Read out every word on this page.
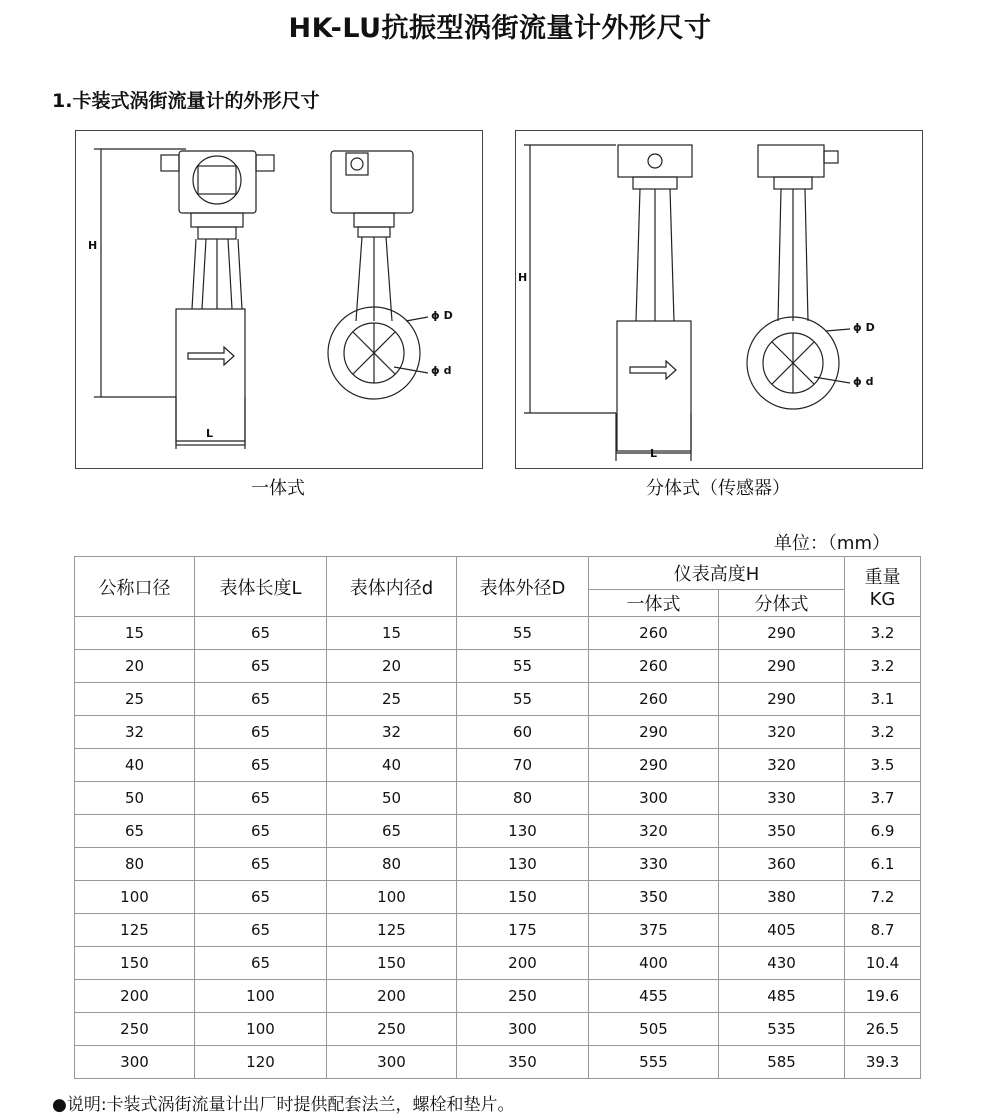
HK-LU抗振型涡街流量计外形尺寸
1.卡装式涡街流量计的外形尺寸
H
L
ϕ D
ϕ d
一体式
H
L
ϕ D
ϕ d
分体式（传感器）
单位：（mm）
公称口径	表体长度L	表体内径d	表体外径D	仪表高度H		重量
KG

				一体式	分体式	
15	65	15	55	260	290	3.2
20	65	20	55	260	290	3.2
25	65	25	55	260	290	3.1
32	65	32	60	290	320	3.2
40	65	40	70	290	320	3.5
50	65	50	80	300	330	3.7
65	65	65	130	320	350	6.9
80	65	80	130	330	360	6.1
100	65	100	150	350	380	7.2
125	65	125	175	375	405	8.7
150	65	150	200	400	430	10.4
200	100	200	250	455	485	19.6
250	100	250	300	505	535	26.5
300	120	300	350	555	585	39.3
●说明:卡装式涡街流量计出厂时提供配套法兰，螺栓和垫片。
